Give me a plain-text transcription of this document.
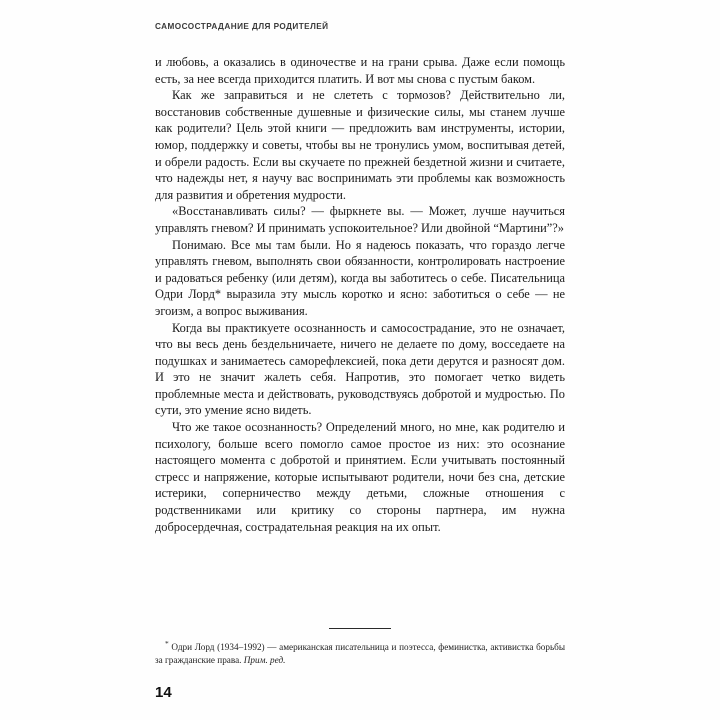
САМОСОСТРАДАНИЕ ДЛЯ РОДИТЕЛЕЙ

и любовь, а оказались в одиночестве и на грани срыва. Даже если помощь есть, за нее всегда приходится платить. И вот мы снова с пустым баком.

Как же заправиться и не слететь с тормозов? Действительно ли, восстановив собственные душевные и физические силы, мы станем лучше как родители? Цель этой книги — предложить вам инструменты, истории, юмор, поддержку и советы, чтобы вы не тронулись умом, воспитывая детей, и обрели радость. Если вы скучаете по прежней бездетной жизни и считаете, что надежды нет, я научу вас воспринимать эти проблемы как возможность для развития и обретения мудрости.

«Восстанавливать силы? — фыркнете вы. — Может, лучше научиться управлять гневом? И принимать успокоительное? Или двойной “Мартини”?»

Понимаю. Все мы там были. Но я надеюсь показать, что гораздо легче управлять гневом, выполнять свои обязанности, контролировать настроение и радоваться ребенку (или детям), когда вы заботитесь о себе. Писательница Одри Лорд* выразила эту мысль коротко и ясно: заботиться о себе — не эгоизм, а вопрос выживания.

Когда вы практикуете осознанность и самосострадание, это не означает, что вы весь день бездельничаете, ничего не делаете по дому, восседаете на подушках и занимаетесь саморефлексией, пока дети дерутся и разносят дом. И это не значит жалеть себя. Напротив, это помогает четко видеть проблемные места и действовать, руководствуясь добротой и мудростью. По сути, это умение ясно видеть.

Что же такое осознанность? Определений много, но мне, как родителю и психологу, больше всего помогло самое простое из них: это осознание настоящего момента с добротой и принятием. Если учитывать постоянный стресс и напряжение, которые испытывают родители, ночи без сна, детские истерики, соперничество между детьми, сложные отношения с родственниками или критику со стороны партнера, им нужна добросердечная, сострадательная реакция на их опыт.

* Одри Лорд (1934–1992) — американская писательница и поэтесса, феминистка, активистка борьбы за гражданские права. Прим. ред.
14
